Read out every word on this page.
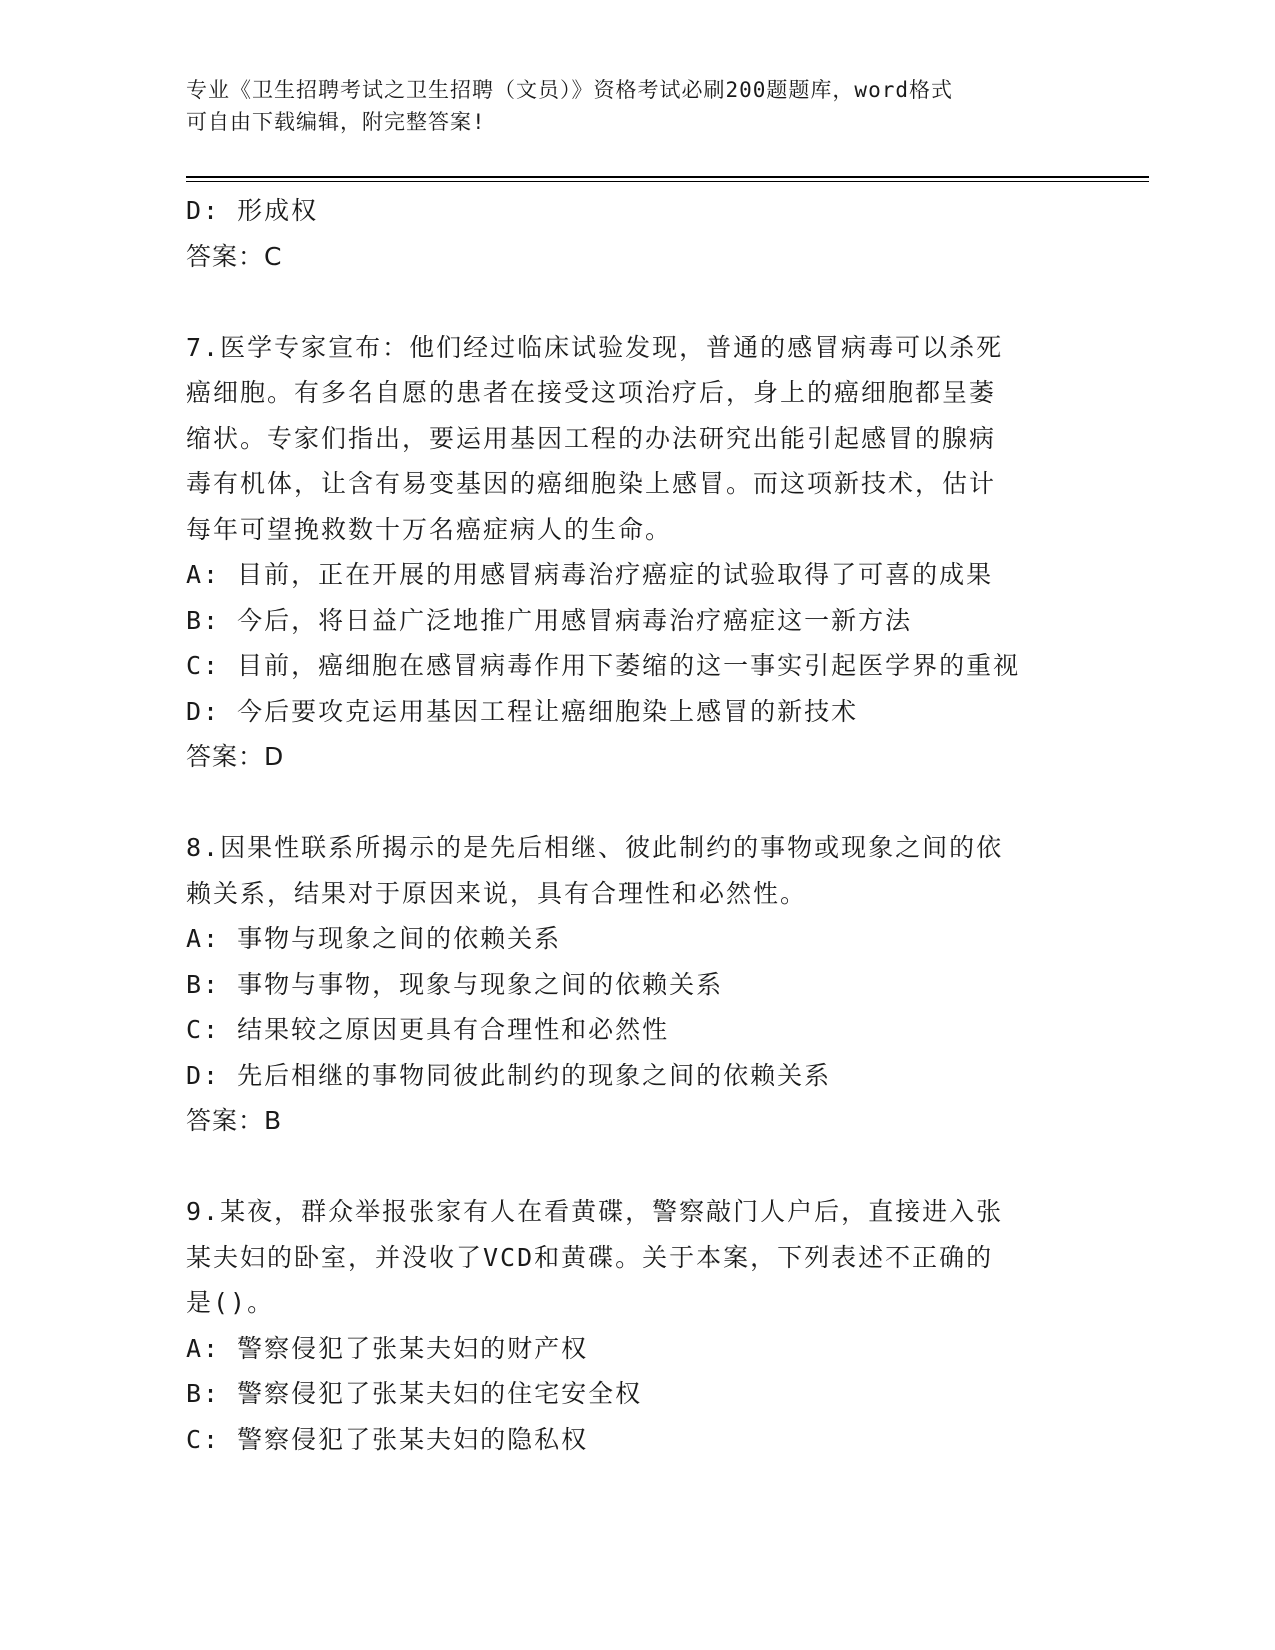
专业《卫生招聘考试之卫生招聘（文员）》资格考试必刷200题题库，word格式
可自由下载编辑，附完整答案!
D: 形成权
答案：C
7.医学专家宣布：他们经过临床试验发现，普通的感冒病毒可以杀死
癌细胞。有多名自愿的患者在接受这项治疗后，身上的癌细胞都呈萎
缩状。专家们指出，要运用基因工程的办法研究出能引起感冒的腺病
毒有机体，让含有易变基因的癌细胞染上感冒。而这项新技术，估计
每年可望挽救数十万名癌症病人的生命。
A: 目前，正在开展的用感冒病毒治疗癌症的试验取得了可喜的成果
B: 今后，将日益广泛地推广用感冒病毒治疗癌症这一新方法
C: 目前，癌细胞在感冒病毒作用下萎缩的这一事实引起医学界的重视
D: 今后要攻克运用基因工程让癌细胞染上感冒的新技术
答案：D
8.因果性联系所揭示的是先后相继、彼此制约的事物或现象之间的依
赖关系，结果对于原因来说，具有合理性和必然性。
A: 事物与现象之间的依赖关系
B: 事物与事物，现象与现象之间的依赖关系
C: 结果较之原因更具有合理性和必然性
D: 先后相继的事物同彼此制约的现象之间的依赖关系
答案：B
9.某夜，群众举报张家有人在看黄碟，警察敲门人户后，直接进入张
某夫妇的卧室，并没收了VCD和黄碟。关于本案，下列表述不正确的
是()。
A: 警察侵犯了张某夫妇的财产权
B: 警察侵犯了张某夫妇的住宅安全权
C: 警察侵犯了张某夫妇的隐私权
